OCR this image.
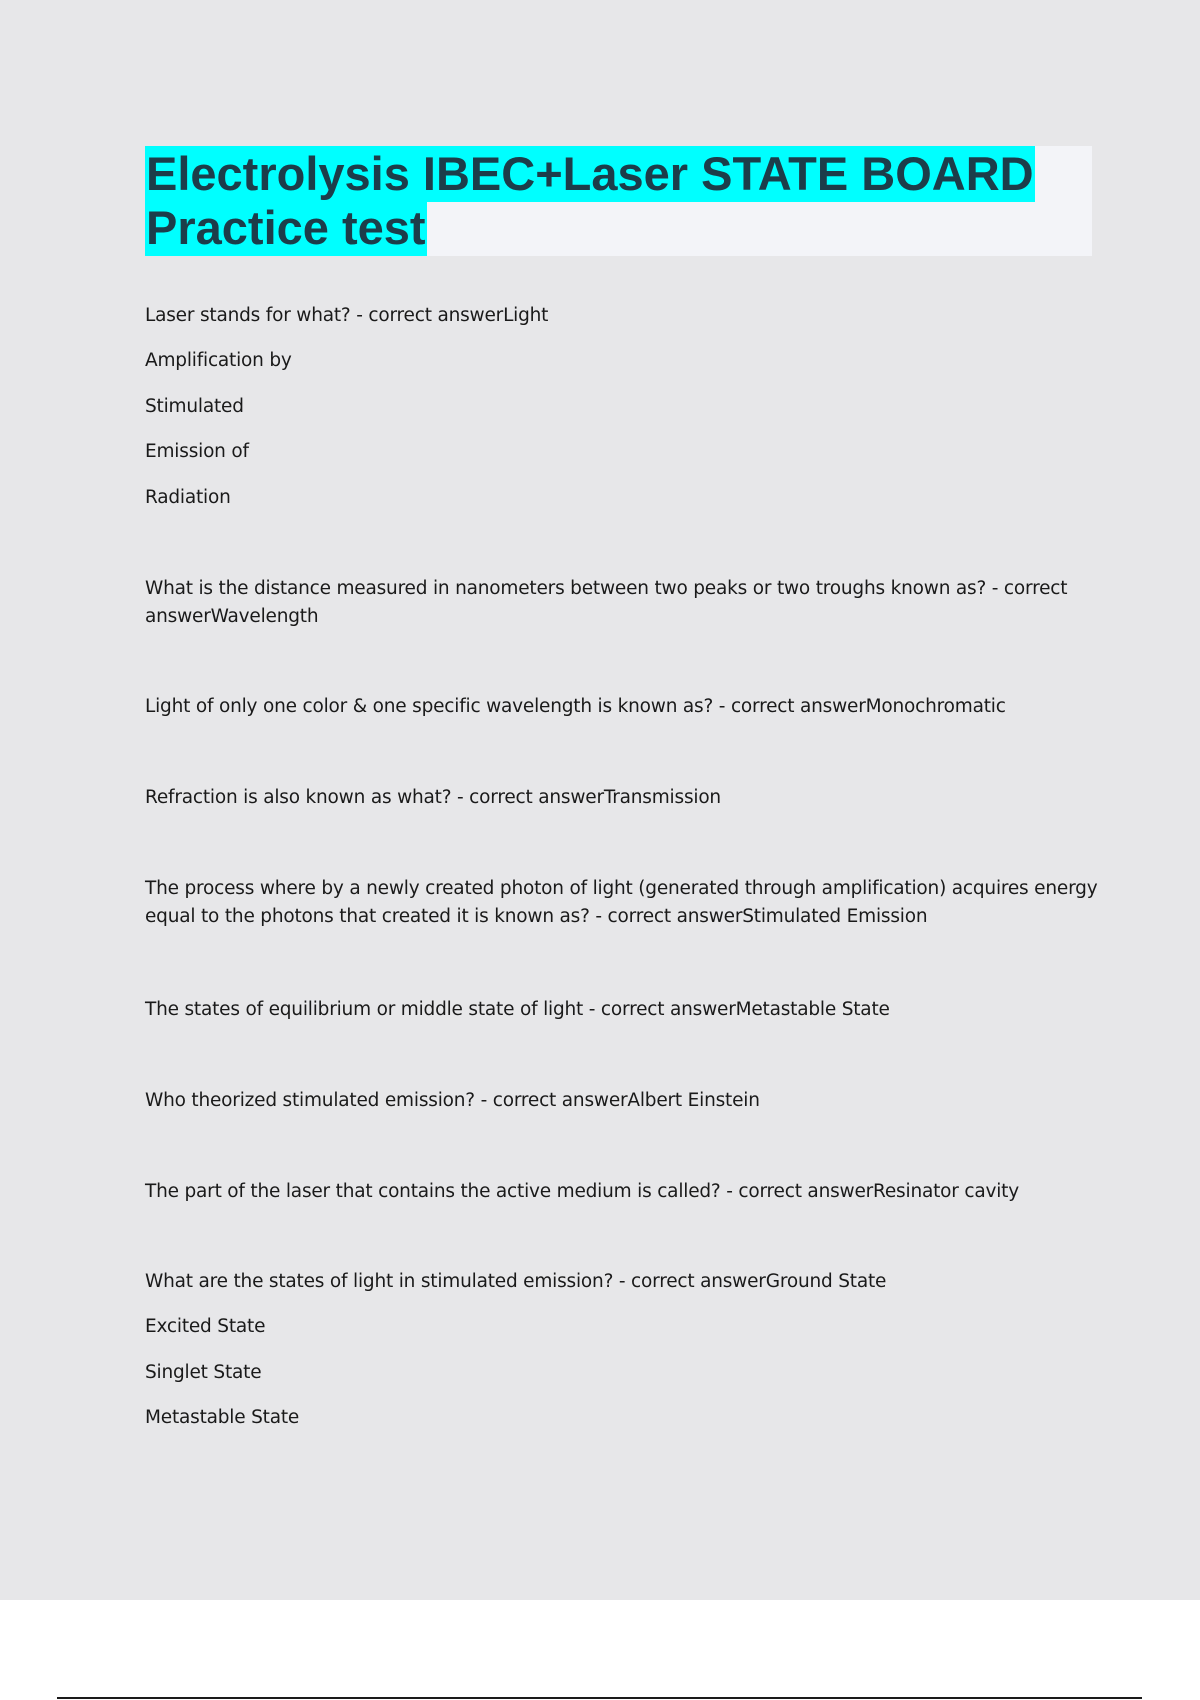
Electrolysis IBEC+Laser STATE BOARD
Practice test
Laser stands for what? - correct answerLight
Amplification by
Stimulated
Emission of
Radiation
What is the distance measured in nanometers between two peaks or two troughs known as? - correct
answerWavelength
Light of only one color & one specific wavelength is known as? - correct answerMonochromatic
Refraction is also known as what? - correct answerTransmission
The process where by a newly created photon of light (generated through amplification) acquires energy
equal to the photons that created it is known as? - correct answerStimulated Emission
The states of equilibrium or middle state of light - correct answerMetastable State
Who theorized stimulated emission? - correct answerAlbert Einstein
The part of the laser that contains the active medium is called? - correct answerResinator cavity
What are the states of light in stimulated emission? - correct answerGround State
Excited State
Singlet State
Metastable State
